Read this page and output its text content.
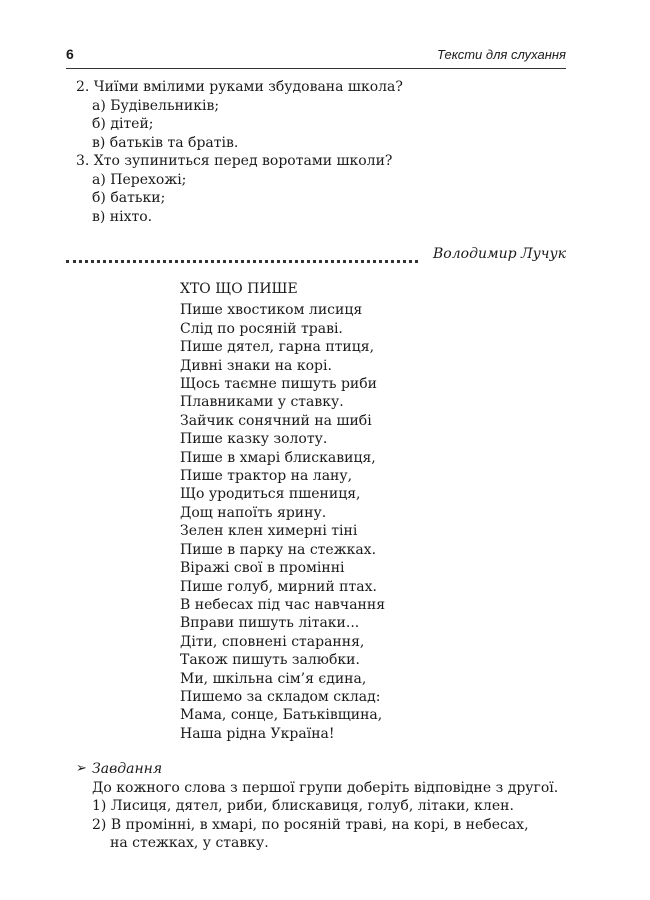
6	Тексти для слухання
2. Чиїми вмілими руками збудована школа?
а) Будівельників;
б) дітей;
в) батьків та братів.
3. Хто зупиниться перед воротами школи?
а) Перехожі;
б) батьки;
в) ніхто.
Володимир Лучук
ХТО ЩО ПИШЕ
Пише хвостиком лисиця
Слід по росяній траві.
Пише дятел, гарна птиця,
Дивні знаки на корі.
Щось таємне пишуть риби
Плавниками у ставку.
Зайчик сонячний на шибі
Пише казку золоту.
Пише в хмарі блискавиця,
Пише трактор на лану,
Що уродиться пшениця,
Дощ напоїть ярину.
Зелен клен химерні тіні
Пише в парку на стежках.
Віражі свої в промінні
Пише голуб, мирний птах.
В небесах під час навчання
Вправи пишуть літаки...
Діти, сповнені старання,
Також пишуть залюбки.
Ми, шкільна сім’я єдина,
Пишемо за складом склад:
Мама, сонце, Батьківщина,
Наша рідна Україна!
➢ Завдання
До кожного слова з першої групи доберіть відповідне з другої.
1) Лисиця, дятел, риби, блискавиця, голуб, літаки, клен.
2) В промінні, в хмарі, по росяній траві, на корі, в небесах,
на стежках, у ставку.
